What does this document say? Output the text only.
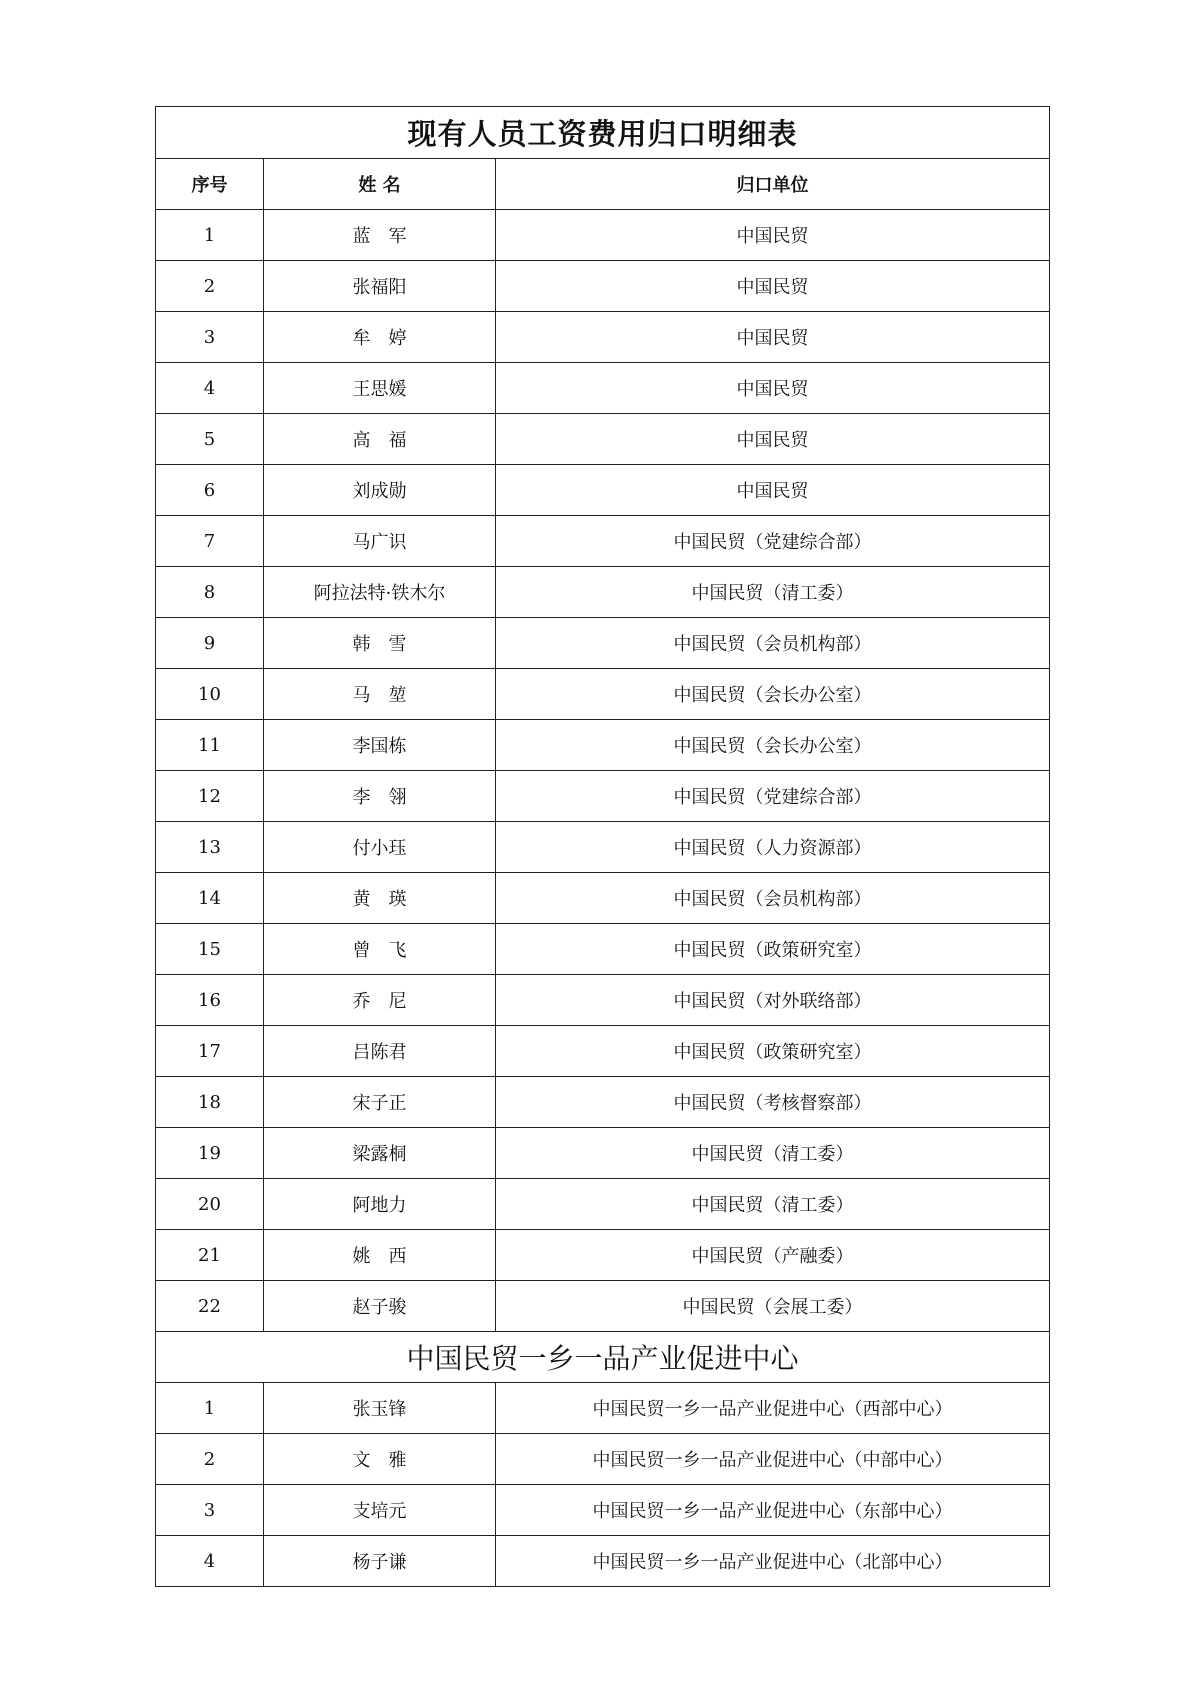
现有人员工资费用归口明细表		
序号	姓 名	归口单位
1	蓝　军	中国民贸
2	张福阳	中国民贸
3	牟　婷	中国民贸
4	王思媛	中国民贸
5	高　福	中国民贸
6	刘成勋	中国民贸
7	马广识	中国民贸（党建综合部）
8	阿拉法特·铁木尔	中国民贸（清工委）
9	韩　雪	中国民贸（会员机构部）
10	马　堃	中国民贸（会长办公室）
11	李国栋	中国民贸（会长办公室）
12	李　翎	中国民贸（党建综合部）
13	付小珏	中国民贸（人力资源部）
14	黄　瑛	中国民贸（会员机构部）
15	曾　飞	中国民贸（政策研究室）
16	乔　尼	中国民贸（对外联络部）
17	吕陈君	中国民贸（政策研究室）
18	宋子正	中国民贸（考核督察部）
19	梁露桐	中国民贸（清工委）
20	阿地力	中国民贸（清工委）
21	姚　西	中国民贸（产融委）
22	赵子骏	中国民贸（会展工委）
中国民贸一乡一品产业促进中心		
1	张玉锋	中国民贸一乡一品产业促进中心（西部中心）
2	文　雅	中国民贸一乡一品产业促进中心（中部中心）
3	支培元	中国民贸一乡一品产业促进中心（东部中心）
4	杨子谦	中国民贸一乡一品产业促进中心（北部中心）
